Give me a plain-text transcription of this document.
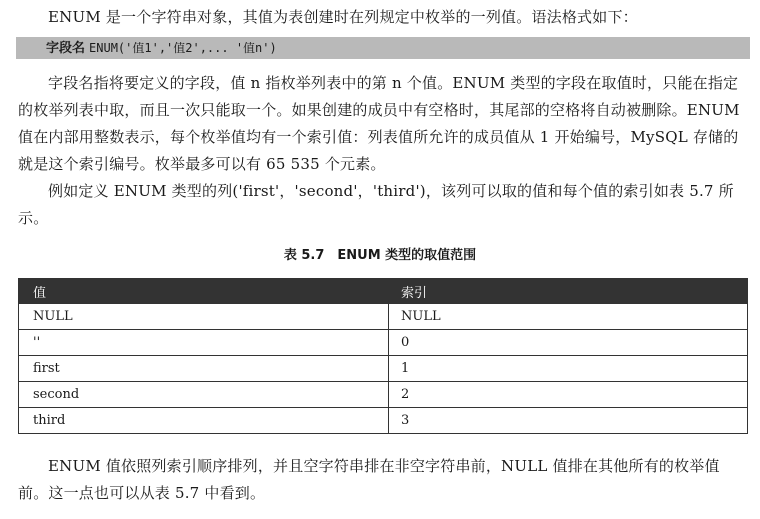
ENUM 是一个字符串对象，其值为表创建时在列规定中枚举的一列值。语法格式如下：

字段名 ENUM('值1','值2',... '值n')

字段名指将要定义的字段，值 n 指枚举列表中的第 n 个值。ENUM 类型的字段在取值时，只能在指定的枚举列表中取，而且一次只能取一个。如果创建的成员中有空格时，其尾部的空格将自动被删除。ENUM 值在内部用整数表示，每个枚举值均有一个索引值：列表值所允许的成员值从 1 开始编号，MySQL 存储的就是这个索引编号。枚举最多可以有 65 535 个元素。

例如定义 ENUM 类型的列('first'，'second'，'third')，该列可以取的值和每个值的索引如表 5.7 所示。

表 5.7　ENUM 类型的取值范围
值	索引
NULL	NULL
''	0
first	1
second	2
third	3

ENUM 值依照列索引顺序排列，并且空字符串排在非空字符串前，NULL 值排在其他所有的枚举值前。这一点也可以从表 5.7 中看到。
